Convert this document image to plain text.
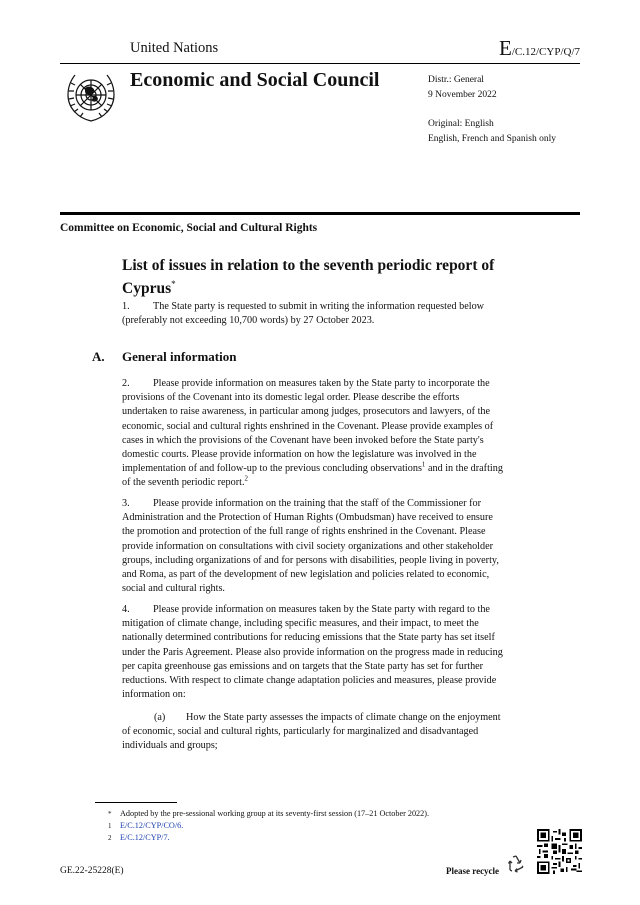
United Nations	E/C.12/CYP/Q/7
Economic and Social Council	Distr.: General
9 November 2022
Original: English
English, French and Spanish only
Committee on Economic, Social and Cultural Rights
List of issues in relation to the seventh periodic report of
Cyprus*
1. The State party is requested to submit in writing the information requested below
(preferably not exceeding 10,700 words) by 27 October 2023.
A. General information
2. Please provide information on measures taken by the State party to incorporate the
provisions of the Covenant into its domestic legal order. Please describe the efforts
undertaken to raise awareness, in particular among judges, prosecutors and lawyers, of the
economic, social and cultural rights enshrined in the Covenant. Please provide examples of
cases in which the provisions of the Covenant have been invoked before the State party's
domestic courts. Please provide information on how the legislature was involved in the
implementation of and follow-up to the previous concluding observations$^1$ and in the drafting
of the seventh periodic report.$^2$
3. Please provide information on the training that the staff of the Commissioner for
Administration and the Protection of Human Rights (Ombudsman) have received to ensure
the promotion and protection of the full range of rights enshrined in the Covenant. Please
provide information on consultations with civil society organizations and other stakeholder
groups, including organizations of and for persons with disabilities, people living in poverty,
and Roma, as part of the development of new legislation and policies related to economic,
social and cultural rights.
4. Please provide information on measures taken by the State party with regard to the
mitigation of climate change, including specific measures, and their impact, to meet the
nationally determined contributions for reducing emissions that the State party has set itself
under the Paris Agreement. Please also provide information on the progress made in reducing
per capita greenhouse gas emissions and on targets that the State party has set for further
reductions. With respect to climate change adaptation policies and measures, please provide
information on:
(a) How the State party assesses the impacts of climate change on the enjoyment
of economic, social and cultural rights, particularly for marginalized and disadvantaged
individuals and groups;
* Adopted by the pre-sessional working group at its seventy-first session (17–21 October 2022).
1 E/C.12/CYP/CO/6.
2 E/C.12/CYP/7.
GE.22-25228(E)	Please recycle
